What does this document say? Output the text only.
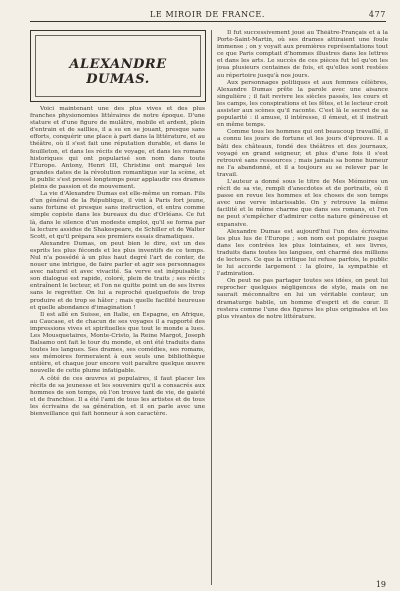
LE MIROIR DE FRANCE.	477
ALEXANDRE DUMAS.

Voici maintenant une des plus vives et des plus franches physionomies littéraires de notre époque. D'une stature et d'une figure de mulâtre, mobile et ardent, plein d'entrain et de saillies, il a su en se jouant, presque sans efforts, conquérir une place à part dans la littérature, et au théâtre, où il s'est fait une réputation durable, et dans le feuilleton, et dans les récits de voyage, et dans les romans historiques qui ont popularisé son nom dans toute l'Europe. Antony, Henri III, Christine ont marqué les grandes dates de la révolution romantique sur la scène, et le public s'est pressé longtemps pour applaudir ces drames pleins de passion et de mouvement.

La vie d'Alexandre Dumas est elle-même un roman. Fils d'un général de la République, il vint à Paris fort jeune, sans fortune et presque sans instruction, et entra comme simple copiste dans les bureaux du duc d'Orléans. Ce fut là, dans le silence d'un modeste emploi, qu'il se forma par la lecture assidue de Shakespeare, de Schiller et de Walter Scott, et qu'il prépara ses premiers essais dramatiques.

Alexandre Dumas, on peut bien le dire, est un des esprits les plus féconds et les plus inventifs de ce temps. Nul n'a possédé à un plus haut degré l'art de conter, de nouer une intrigue, de faire parler et agir ses personnages avec naturel et avec vivacité. Sa verve est inépuisable ; son dialogue est rapide, coloré, plein de traits ; ses récits entraînent le lecteur, et l'on ne quitte point un de ses livres sans le regretter. On lui a reproché quelquefois de trop produire et de trop se hâter ; mais quelle facilité heureuse et quelle abondance d'imagination !

Il est allé en Suisse, en Italie, en Espagne, en Afrique, au Caucase, et de chacun de ses voyages il a rapporté des impressions vives et spirituelles que tout le monde a lues. Les Mousquetaires, Monte-Cristo, la Reine Margot, Joseph Balsamo ont fait le tour du monde, et ont été traduits dans toutes les langues. Ses drames, ses comédies, ses romans, ses mémoires formeraient à eux seuls une bibliothèque entière, et chaque jour encore voit paraître quelque œuvre nouvelle de cette plume infatigable.

A côté de ces œuvres si populaires, il faut placer les récits de sa jeunesse et les souvenirs qu'il a consacrés aux hommes de son temps, où l'on trouve tant de vie, de gaieté et de franchise. Il a été l'ami de tous les artistes et de tous les écrivains de sa génération, et il en parle avec une bienveillance qui fait honneur à son caractère.

Il fut successivement joué au Théâtre-Français et à la Porte-Saint-Martin, où ses drames attiraient une foule immense ; on y voyait aux premières représentations tout ce que Paris comptait d'hommes illustres dans les lettres et dans les arts. Le succès de ces pièces fut tel qu'on les joua plusieurs centaines de fois, et qu'elles sont restées au répertoire jusqu'à nos jours.

Aux personnages politiques et aux femmes célèbres, Alexandre Dumas prête la parole avec une aisance singulière ; il fait revivre les siècles passés, les cours et les camps, les conspirations et les fêtes, et le lecteur croit assister aux scènes qu'il raconte. C'est là le secret de sa popularité : il amuse, il intéresse, il émeut, et il instruit en même temps.

Comme tous les hommes qui ont beaucoup travaillé, il a connu les jours de fortune et les jours d'épreuve. Il a bâti des châteaux, fondé des théâtres et des journaux, voyagé en grand seigneur, et plus d'une fois il s'est retrouvé sans ressources ; mais jamais sa bonne humeur ne l'a abandonné, et il a toujours su se relever par le travail.

L'auteur a donné sous le titre de Mes Mémoires un récit de sa vie, rempli d'anecdotes et de portraits, où il passe en revue les hommes et les choses de son temps avec une verve intarissable. On y retrouve la même facilité et le même charme que dans ses romans, et l'on ne peut s'empêcher d'admirer cette nature généreuse et expansive.

Alexandre Dumas est aujourd'hui l'un des écrivains les plus lus de l'Europe ; son nom est populaire jusque dans les contrées les plus lointaines, et ses livres, traduits dans toutes les langues, ont charmé des millions de lecteurs. Ce que la critique lui refuse parfois, le public le lui accorde largement : la gloire, la sympathie et l'admiration.

On peut ne pas partager toutes ses idées, on peut lui reprocher quelques négligences de style, mais on ne saurait méconnaître en lui un véritable conteur, un dramaturge habile, un homme d'esprit et de cœur. Il restera comme l'une des figures les plus originales et les plus vivantes de notre littérature.

19
